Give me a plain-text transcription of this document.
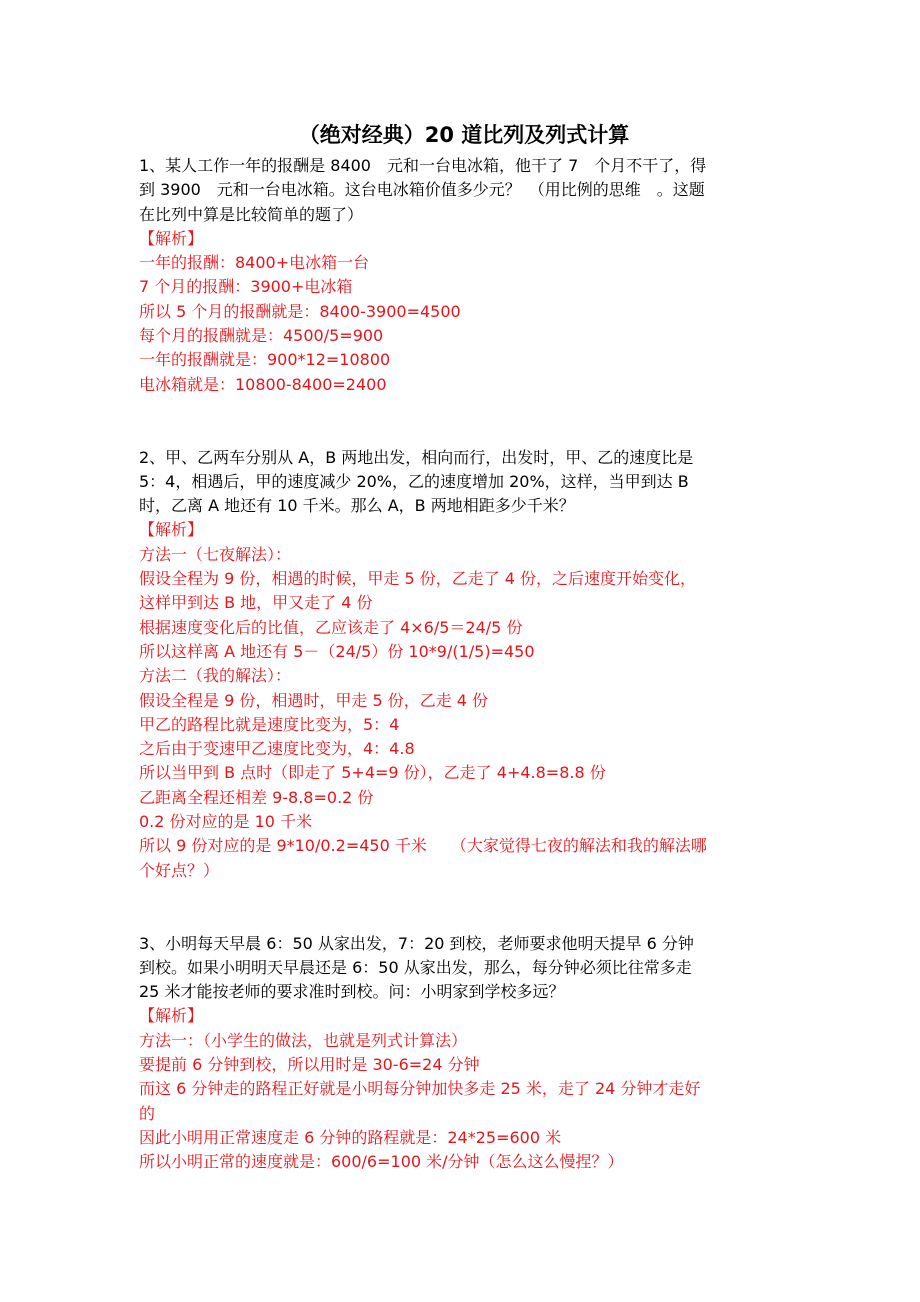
（绝对经典）20 道比列及列式计算
1、某人工作一年的报酬是 8400　元和一台电冰箱，他干了 7　个月不干了，得
到 3900　元和一台电冰箱。这台电冰箱价值多少元？　（用比例的思维　。这题
在比列中算是比较简单的题了）
【解析】
一年的报酬：8400+电冰箱一台
7 个月的报酬：3900+电冰箱
所以 5 个月的报酬就是：8400-3900=4500
每个月的报酬就是：4500/5=900
一年的报酬就是：900*12=10800
电冰箱就是：10800-8400=2400
2、甲、乙两车分别从 A，B 两地出发，相向而行，出发时，甲、乙的速度比是
5：4，相遇后，甲的速度减少 20%，乙的速度增加 20%，这样，当甲到达 B
时，乙离 A 地还有 10 千米。那么 A，B 两地相距多少千米？
【解析】
方法一（七夜解法）：
假设全程为 9 份，相遇的时候，甲走 5 份，乙走了 4 份，之后速度开始变化，
这样甲到达 B 地，甲又走了 4 份
根据速度变化后的比值，乙应该走了 4×6/5＝24/5 份
所以这样离 A 地还有 5－（24/5）份 10*9/(1/5)=450
方法二（我的解法）：
假设全程是 9 份，相遇时，甲走 5 份，乙走 4 份
甲乙的路程比就是速度比变为，5：4
之后由于变速甲乙速度比变为，4：4.8
所以当甲到 B 点时（即走了 5+4=9 份），乙走了 4+4.8=8.8 份
乙距离全程还相差 9-8.8=0.2 份
0.2 份对应的是 10 千米
所以 9 份对应的是 9*10/0.2=450 千米　　（大家觉得七夜的解法和我的解法哪
个好点？）
3、小明每天早晨 6：50 从家出发，7：20 到校，老师要求他明天提早 6 分钟
到校。如果小明明天早晨还是 6：50 从家出发，那么，每分钟必须比往常多走
25 米才能按老师的要求准时到校。问：小明家到学校多远？
【解析】
方法一：（小学生的做法，也就是列式计算法）
要提前 6 分钟到校，所以用时是 30-6=24 分钟
而这 6 分钟走的路程正好就是小明每分钟加快多走 25 米，走了 24 分钟才走好
的
因此小明用正常速度走 6 分钟的路程就是：24*25=600 米
所以小明正常的速度就是：600/6=100 米/分钟（怎么这么慢捏？）
